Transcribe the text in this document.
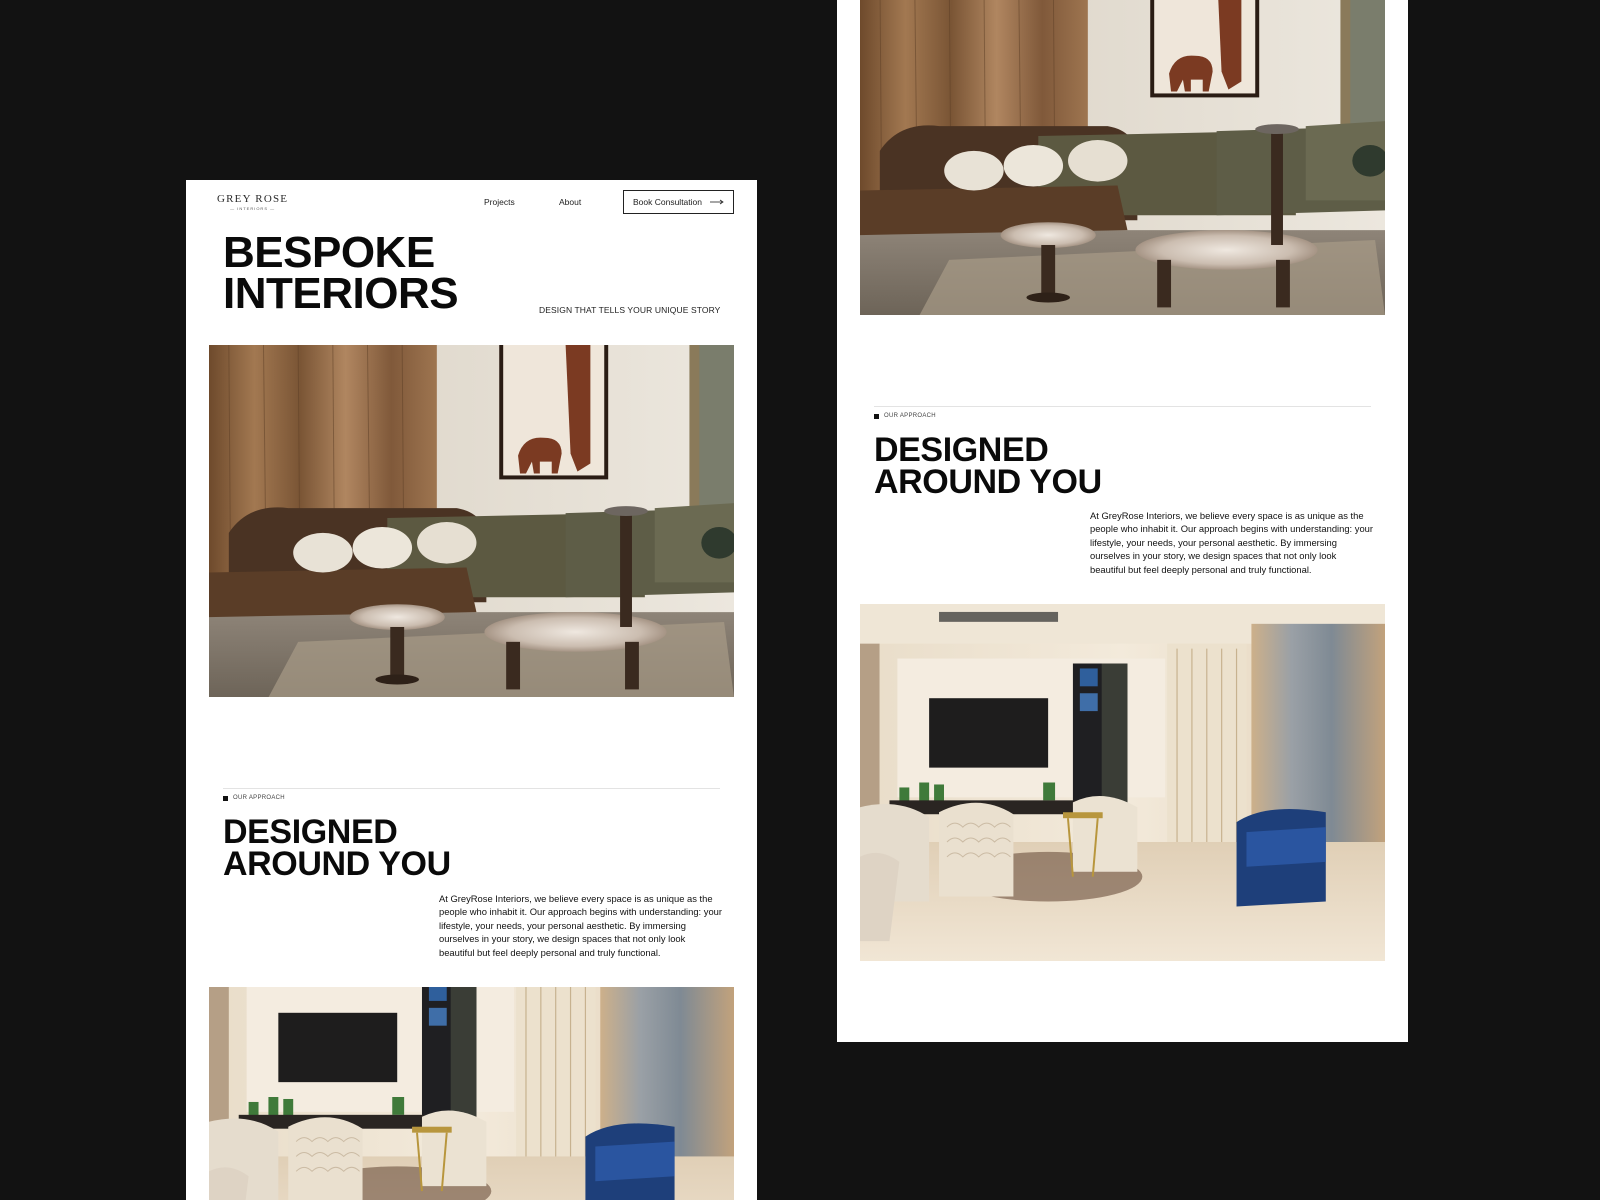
GREY ROSE
— INTERIORS —
Projects	About	Book Consultation
BESPOKE
INTERIORS	DESIGN THAT TELLS YOUR UNIQUE STORY
OUR APPROACH
DESIGNED
AROUND YOU

At GreyRose Interiors, we believe every space is as unique as the people who inhabit it. Our approach begins with understanding: your lifestyle, your needs, your personal aesthetic. By immersing ourselves in your story, we design spaces that not only look beautiful but feel deeply personal and truly functional.

OUR APPROACH
DESIGNED
AROUND YOU

At GreyRose Interiors, we believe every space is as unique as the people who inhabit it. Our approach begins with understanding: your lifestyle, your needs, your personal aesthetic. By immersing ourselves in your story, we design spaces that not only look beautiful but feel deeply personal and truly functional.
